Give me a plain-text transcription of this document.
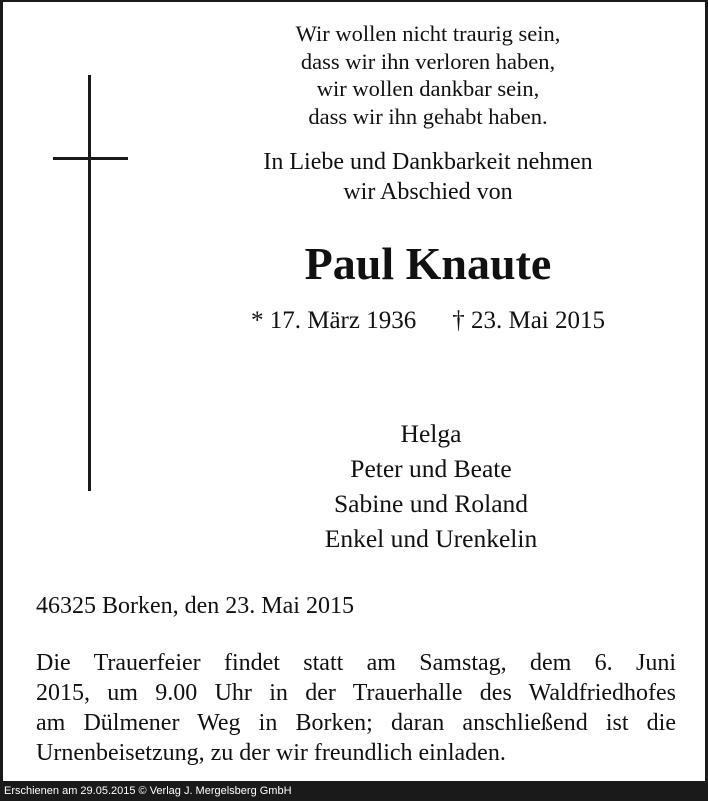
Wir wollen nicht traurig sein,
dass wir ihn verloren haben,
wir wollen dankbar sein,
dass wir ihn gehabt haben.
In Liebe und Dankbarkeit nehmen
wir Abschied von
Paul Knaute
* 17. März 1936 † 23. Mai 2015
Helga
Peter und Beate
Sabine und Roland
Enkel und Urenkelin
46325 Borken, den 23. Mai 2015
Die Trauerfeier findet statt am Samstag, dem 6. Juni
2015, um 9.00 Uhr in der Trauerhalle des Waldfriedhofes
am Dülmener Weg in Borken; daran anschließend ist die
Urnenbeisetzung, zu der wir freundlich einladen.
Erschienen am 29.05.2015 © Verlag J. Mergelsberg GmbH
